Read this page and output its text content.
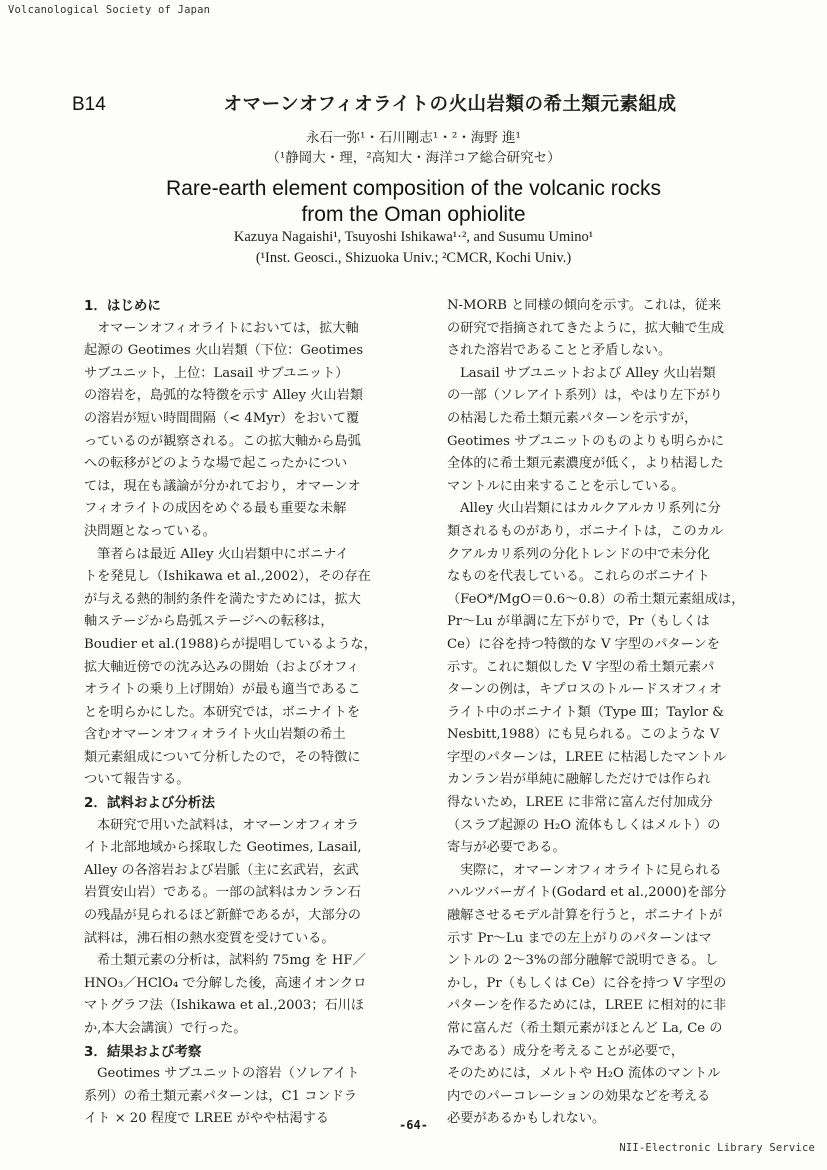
Volcanological Society of Japan
B14	オマーンオフィオライトの火山岩類の希土類元素組成
永石一弥¹・石川剛志¹・²・海野 進¹
（¹静岡大・理，²高知大・海洋コア総合研究セ）
Rare-earth element composition of the volcanic rocks
from the Oman ophiolite
Kazuya Nagaishi¹, Tsuyoshi Ishikawa¹·², and Susumu Umino¹
(¹Inst. Geosci., Shizuoka Univ.; ²CMCR, Kochi Univ.)
1．はじめに
オマーンオフィオライトにおいては，拡大軸
起源の Geotimes 火山岩類（下位：Geotimes
サブユニット，上位：Lasail サブユニット）
の溶岩を，島弧的な特徴を示す Alley 火山岩類
の溶岩が短い時間間隔（< 4Myr）をおいて覆
っているのが観察される。この拡大軸から島弧
への転移がどのような場で起こったかについ
ては，現在も議論が分かれており，オマーンオ
フィオライトの成因をめぐる最も重要な未解
決問題となっている。
筆者らは最近 Alley 火山岩類中にボニナイ
トを発見し（Ishikawa et al.,2002），その存在
が与える熱的制約条件を満たすためには，拡大
軸ステージから島弧ステージへの転移は，
Boudier et al.(1988)らが提唱しているような，
拡大軸近傍での沈み込みの開始（およびオフィ
オライトの乗り上げ開始）が最も適当であるこ
とを明らかにした。本研究では，ボニナイトを
含むオマーンオフィオライト火山岩類の希土
類元素組成について分析したので，その特徴に
ついて報告する。
2．試料および分析法
本研究で用いた試料は，オマーンオフィオラ
イト北部地域から採取した Geotimes, Lasail,
Alley の各溶岩および岩脈（主に玄武岩，玄武
岩質安山岩）である。一部の試料はカンラン石
の残晶が見られるほど新鮮であるが，大部分の
試料は，沸石相の熱水変質を受けている。
希土類元素の分析は，試料約 75mg を HF／
HNO₃／HClO₄ で分解した後，高速イオンクロ
マトグラフ法（Ishikawa et al.,2003；石川ほ
か,本大会講演）で行った。
3．結果および考察
Geotimes サブユニットの溶岩（ソレアイト
系列）の希土類元素パターンは，C1 コンドラ
イト × 20 程度で LREE がやや枯渇する
N-MORB と同様の傾向を示す。これは，従来
の研究で指摘されてきたように，拡大軸で生成
された溶岩であることと矛盾しない。
Lasail サブユニットおよび Alley 火山岩類
の一部（ソレアイト系列）は，やはり左下がり
の枯渇した希土類元素パターンを示すが，
Geotimes サブユニットのものよりも明らかに
全体的に希土類元素濃度が低く，より枯渇した
マントルに由来することを示している。
Alley 火山岩類にはカルクアルカリ系列に分
類されるものがあり，ボニナイトは，このカル
クアルカリ系列の分化トレンドの中で未分化
なものを代表している。これらのボニナイト
（FeO*/MgO＝0.6〜0.8）の希土類元素組成は，
Pr〜Lu が単調に左下がりで，Pr（もしくは
Ce）に谷を持つ特徴的な V 字型のパターンを
示す。これに類似した V 字型の希土類元素パ
ターンの例は，キプロスのトルードスオフィオ
ライト中のボニナイト類（Type Ⅲ；Taylor &
Nesbitt,1988）にも見られる。このような V
字型のパターンは，LREE に枯渇したマントル
カンラン岩が単純に融解しただけでは作られ
得ないため，LREE に非常に富んだ付加成分
（スラブ起源の H₂O 流体もしくはメルト）の
寄与が必要である。
実際に，オマーンオフィオライトに見られる
ハルツバーガイト(Godard et al.,2000)を部分
融解させるモデル計算を行うと，ボニナイトが
示す Pr〜Lu までの左上がりのパターンはマ
ントルの 2〜3%の部分融解で説明できる。し
かし，Pr（もしくは Ce）に谷を持つ V 字型の
パターンを作るためには，LREE に相対的に非
常に富んだ（希土類元素がほとんど La, Ce の
みである）成分を考えることが必要で，
そのためには，メルトや H₂O 流体のマントル
内でのパーコレーションの効果などを考える
必要があるかもしれない。
-64-
NII-Electronic Library Service
